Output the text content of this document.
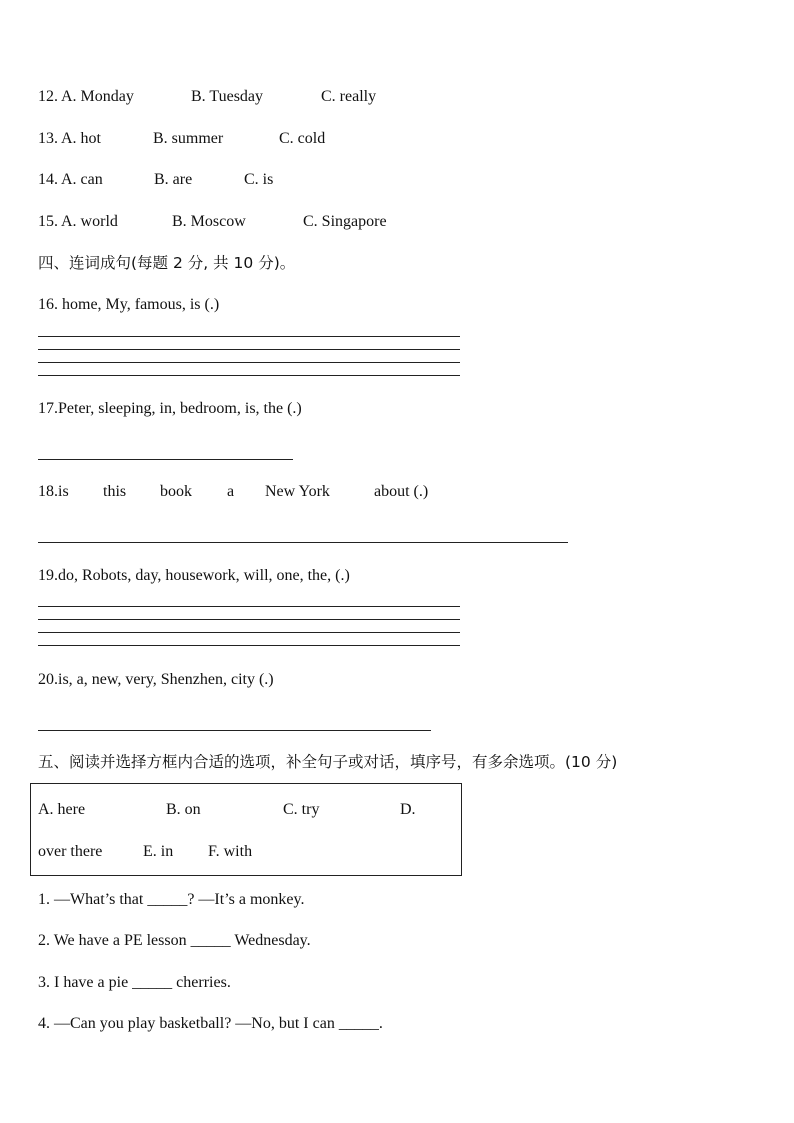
12. A. Monday	B. Tuesday	C. really
13. A. hot	B. summer	C. cold
14. A. can	B. are	C. is
15. A. world	B. Moscow	C. Singapore
四、连词成句(每题 2 分, 共 10 分)。
16. home, My, famous, is (.)
17.Peter, sleeping, in, bedroom, is, the (.)
18.is this book a New York	about (.)
19.do, Robots, day, housework, will, one, the, (.)
20.is, a, new, very, Shenzhen, city (.)
五、阅读并选择方框内合适的选项，补全句子或对话，填序号，有多余选项。(10 分)
A. here	B. on	C. try	D.
over there	E. in F. with
1. —What’s that _____? —It’s a monkey.
2. We have a PE lesson _____ Wednesday.
3. I have a pie _____ cherries.
4. —Can you play basketball? —No, but I can _____.
